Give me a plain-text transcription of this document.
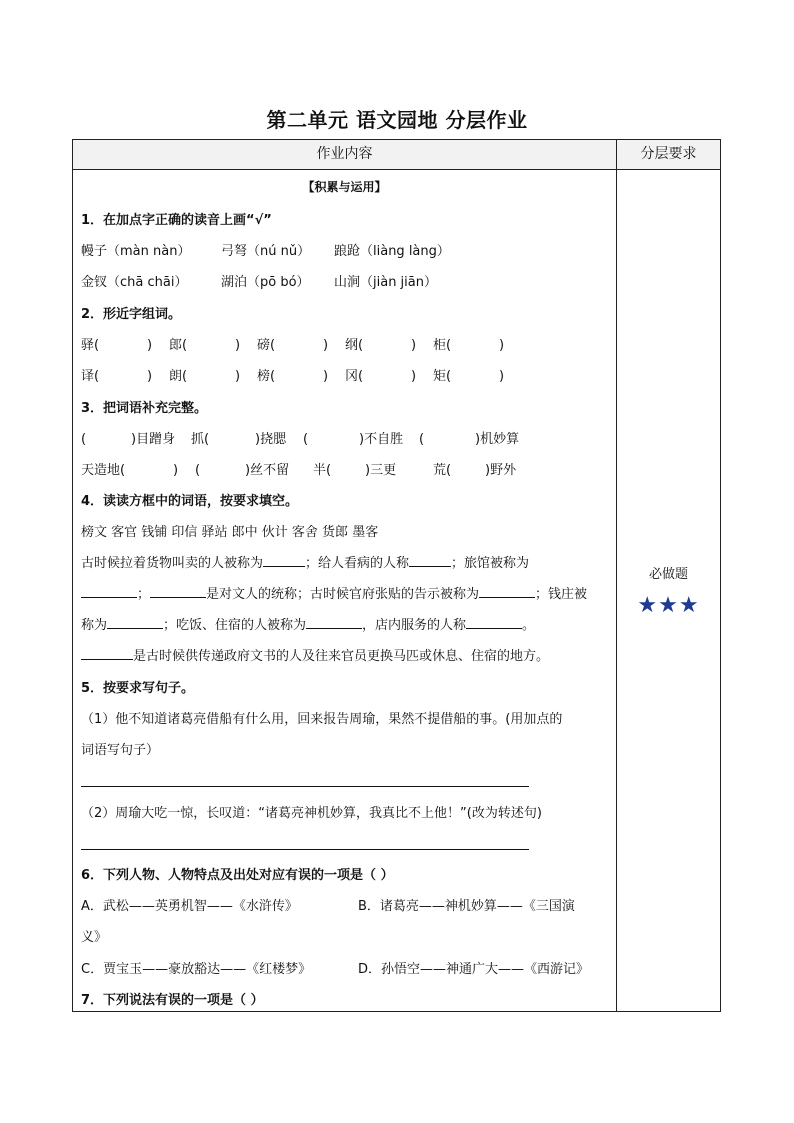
第二单元 语文园地 分层作业
作业内容	分层要求
【积累与运用】
1．在加点字正确的读音上画“√”
幔子（màn nàn） 弓弩（nú nǔ） 踉跄（liàng làng）
金钗（chā chāi）	湖泊（pō bó） 山涧（jiàn jiān）
2．形近字组词。
驿(	) 郎(	) 磅(	) 纲(	) 柜(	)
译(	) 朗(	) 榜(	) 冈(	) 矩(	)
3．把词语补充完整。
(	)目蹭身 抓(	)挠腮 (	)不自胜 (	)机妙算
天造地(	) (	)丝不留 半(	)三更	荒(	)野外
4．读读方框中的词语，按要求填空。
榜文 客官 钱铺 印信 驿站 郎中 伙计 客舍 货郎 墨客
古时候拉着货物叫卖的人被称为	；给人看病的人称	；旅馆被称为
；	是对文人的统称；古时候官府张贴的告示被称为	；钱庄被
称为	；吃饭、住宿的人被称为	，店内服务的人称	。
是古时候供传递政府文书的人及往来官员更换马匹或休息、住宿的地方。
5．按要求写句子。
（1）他不知道诸葛亮借船有什么用，回来报告周瑜，果然不提借船的事。(用加点的
词语写句子）
（2）周瑜大吃一惊，长叹道：“诸葛亮神机妙算，我真比不上他！”(改为转述句)
6．下列人物、人物特点及出处对应有误的一项是（ ）
A．武松——英勇机智——《水浒传》	B．诸葛亮——神机妙算——《三国演
义》
C．贾宝玉——豪放豁达——《红楼梦》	D．孙悟空——神通广大——《西游记》
7．下列说法有误的一项是（ ）
必做题
★★★
